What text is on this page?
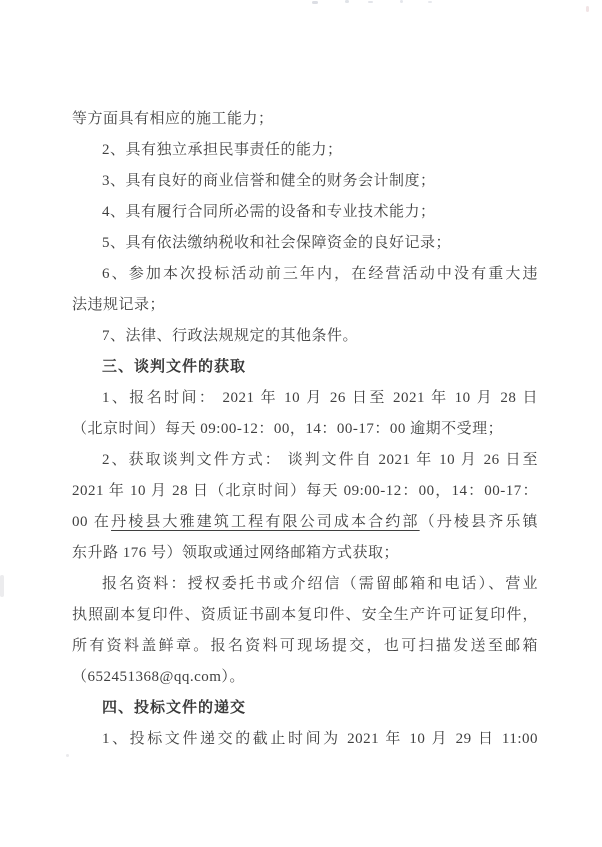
等方面具有相应的施工能力；
2、具有独立承担民事责任的能力；
3、具有良好的商业信誉和健全的财务会计制度；
4、具有履行合同所必需的设备和专业技术能力；
5、具有依法缴纳税收和社会保障资金的良好记录；
6、参加本次投标活动前三年内，在经营活动中没有重大违
法违规记录；
7、法律、行政法规规定的其他条件。
三、谈判文件的获取
1、报名时间： 2021 年 10 月 26 日至 2021 年 10 月 28 日
（北京时间）每天 09:00-12：00，14：00-17：00 逾期不受理；
2、获取谈判文件方式： 谈判文件自 2021 年 10 月 26 日至
2021 年 10 月 28 日（北京时间）每天 09:00-12：00，14：00-17：
00 在丹棱县大雅建筑工程有限公司成本合约部（丹棱县齐乐镇
东升路 176 号）领取或通过网络邮箱方式获取；
报名资料：授权委托书或介绍信（需留邮箱和电话）、营业
执照副本复印件、资质证书副本复印件、安全生产许可证复印件，
所有资料盖鲜章。报名资料可现场提交，也可扫描发送至邮箱
（652451368@qq.com）。
四、投标文件的递交
1、投标文件递交的截止时间为 2021 年 10 月 29 日 11:00
